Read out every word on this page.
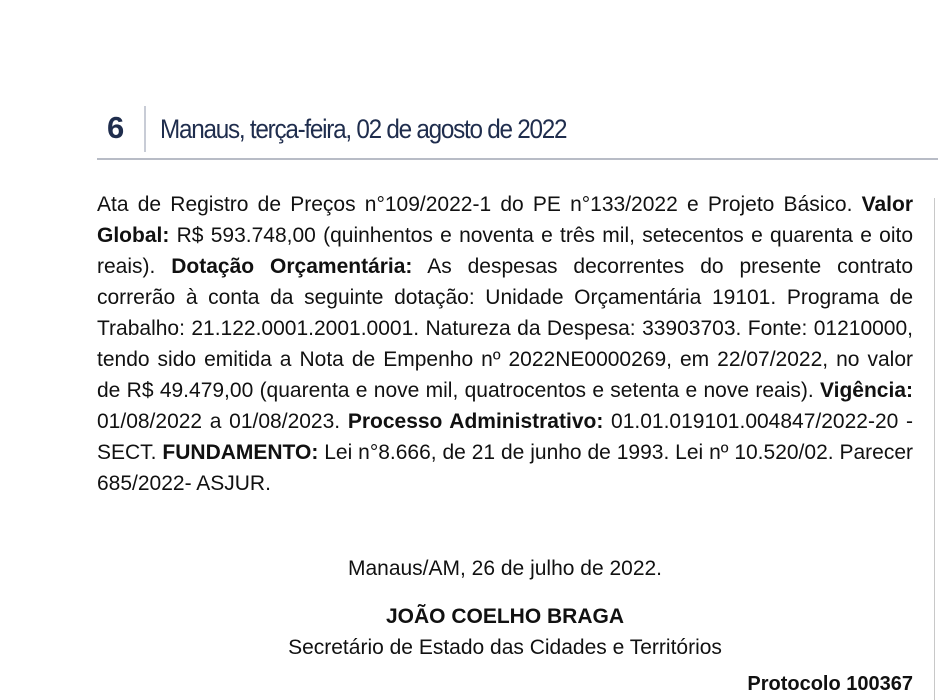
6 Manaus, terça-feira, 02 de agosto de 2022
Ata de Registro de Preços n°109/2022-1 do PE n°133/2022 e Projeto Básico. Valor Global: R$ 593.748,00 (quinhentos e noventa e três mil, setecentos e quarenta e oito reais). Dotação Orçamentária: As despesas decorrentes do presente contrato correrão à conta da seguinte dotação: Unidade Orçamentária 19101. Programa de Trabalho: 21.122.0001.2001.0001. Natureza da Despesa: 33903703. Fonte: 01210000, tendo sido emitida a Nota de Empenho nº 2022NE0000269, em 22/07/2022, no valor de R$ 49.479,00 (quarenta e nove mil, quatrocentos e setenta e nove reais). Vigência: 01/08/2022 a 01/08/2023. Processo Administrativo: 01.01.019101.004847/2022-20 - SECT. FUNDAMENTO: Lei n°8.666, de 21 de junho de 1993. Lei nº 10.520/02. Parecer 685/2022- ASJUR.
Manaus/AM, 26 de julho de 2022.
JOÃO COELHO BRAGA
Secretário de Estado das Cidades e Territórios
Protocolo 100367
